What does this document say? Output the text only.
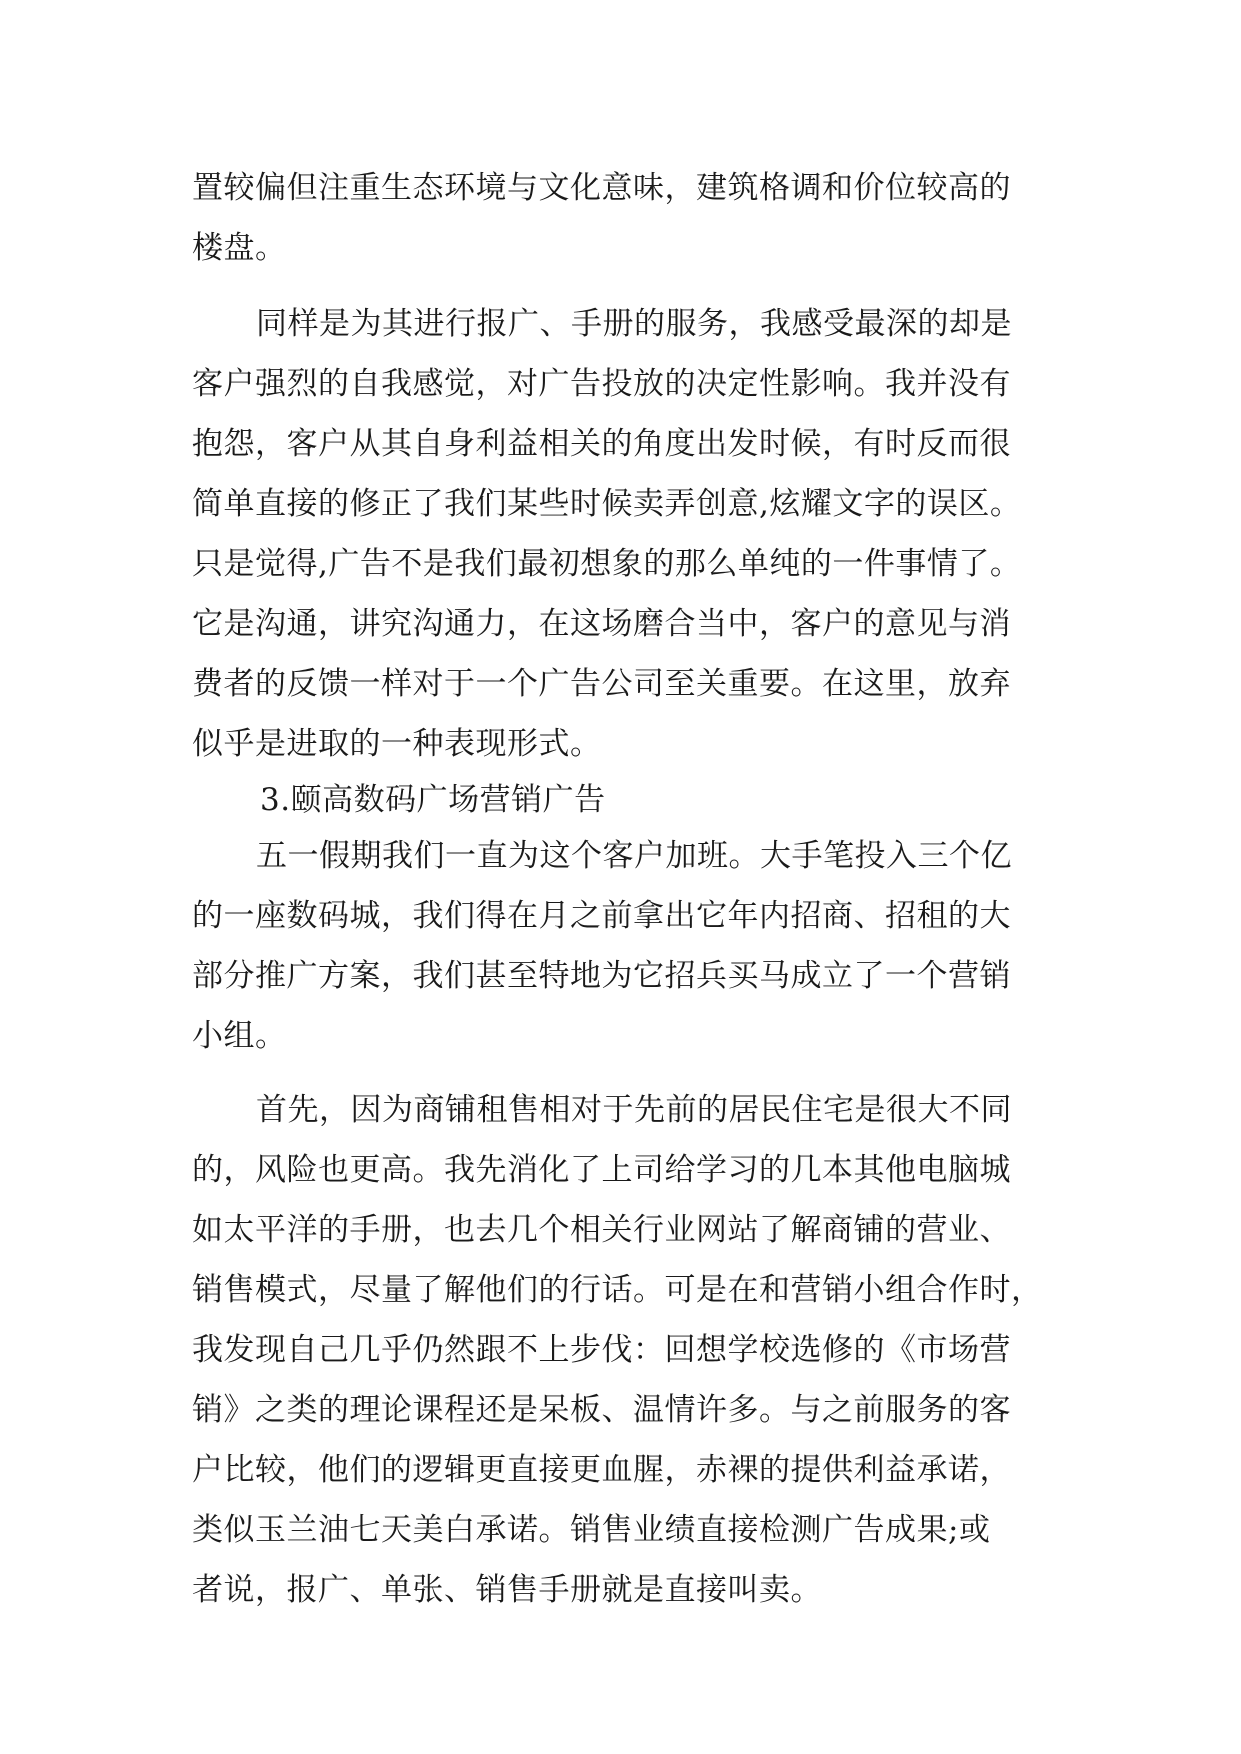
置较偏但注重生态环境与文化意味，建筑格调和价位较高的
楼盘。
同样是为其进行报广、手册的服务，我感受最深的却是
客户强烈的自我感觉，对广告投放的决定性影响。我并没有
抱怨，客户从其自身利益相关的角度出发时候，有时反而很
简单直接的修正了我们某些时候卖弄创意,炫耀文字的误区。
只是觉得,广告不是我们最初想象的那么单纯的一件事情了。
它是沟通，讲究沟通力，在这场磨合当中，客户的意见与消
费者的反馈一样对于一个广告公司至关重要。在这里，放弃
似乎是进取的一种表现形式。
3.颐高数码广场营销广告
五一假期我们一直为这个客户加班。大手笔投入三个亿
的一座数码城，我们得在月之前拿出它年内招商、招租的大
部分推广方案，我们甚至特地为它招兵买马成立了一个营销
小组。
首先，因为商铺租售相对于先前的居民住宅是很大不同
的，风险也更高。我先消化了上司给学习的几本其他电脑城
如太平洋的手册，也去几个相关行业网站了解商铺的营业、
销售模式，尽量了解他们的行话。可是在和营销小组合作时，
我发现自己几乎仍然跟不上步伐：回想学校选修的《市场营
销》之类的理论课程还是呆板、温情许多。与之前服务的客
户比较，他们的逻辑更直接更血腥，赤裸的提供利益承诺，
类似玉兰油七天美白承诺。销售业绩直接检测广告成果;或
者说，报广、单张、销售手册就是直接叫卖。
